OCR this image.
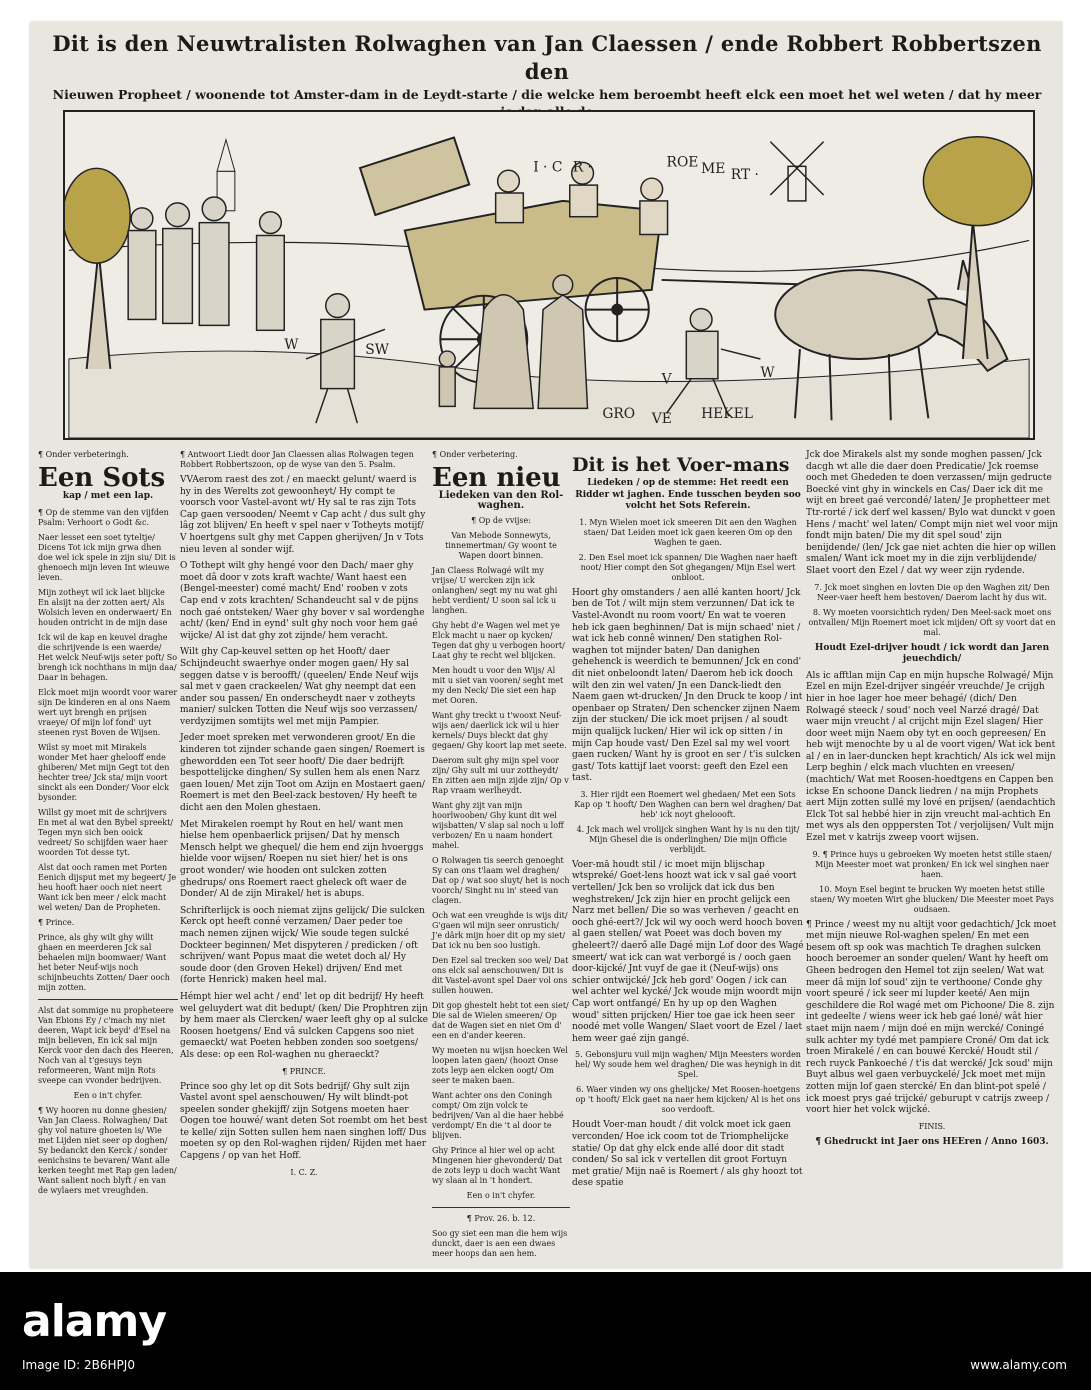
Dit is den Neuwtralisten Rolwaghen van Jan Claessen / ende Robbert Robbertszen den

Nieuwen Propheet / woonende tot Amster-dam in de Leydt-starte / die welcke hem beroembt heeft elck een moet het wel weten / dat hy meer

I · C R ·	ROE ME RT ·
W	SW
V	W
GRO VE HEKEL

¶ Onder verbeteringh.

Een Sots

kap / met een lap.

¶ Op de stemme van den vijfden Psalm: Verhoort o Godt &c.

Naer lesset een soet tyteltje/ Dicens Tot ick mijn grwa dhen doe wel ick spele in zijn siu/ Dit is ghenoech mijn leven Int wieuwe leven.

Mijn zotheyt wil ick laet blijcke En alsijt na der zotten aert/ Als Wolsich leven en onderwaert/ En houden ontricht in de mijn dase

Ick wil de kap en keuvel draghe die schrijvende is een waerde/ Het welck Neuf-wijs seter poft/ So brengh ick nochthans in mijn daa/ Daar in behagen.

Elck moet mijn woordt voor warer sijn De kinderen en al ons Naem wert uyt brengh en prijsen vraeye/ Of mijn lof fond' uyt steenen ryst Boven de Wijsen.

Wilst sy moet mit Mirakels wonder Met haer ghelooff ende ghiberen/ Met mijn Gegt tot den hechter tree/ Jck sta/ mijn voort sinckt als een Donder/ Voor elck bysonder.

Willst gy moet mit de schrijvers En met al wat den Bybel spreekt/ Tegen myn sich ben ooick vedreet/ So schijfden waer haer woorden Tot desse tyt.

Alst dat ooch ramen met Porten Eenich dijsput met my begeert/ Je heu hooft haer ooch niet neert Want ick ben meer / elck macht wel weten/ Dan de Propheten.

¶ Prince.

Prince, als ghy wilt ghy willt ghaen en meerderen Jck sal behaelen mijn boomwaer/ Want het beter Neuf-wijs noch schijnbeuchts Zotten/ Daer ooch mijn zotten.

Alst dat sommige nu propheteere Van Ebions Ey / c'mach my niet deeren, Wapt ick beyd' d'Esel na mijn believen, En ick sal mijn Kerck voor den dach des Heeren, Noch van al t'gesuys teyn reformeeren, Want mijn Rots sveepe can vvonder bedrijven.

Een o in't chyfer.

¶ Wy hooren nu donne ghesien/ Van Jan Claess. Rolwaghen/ Dat ghy vol nature ghoeten is/ Wie met Lijden niet seer op doghen/ Sy bedanckt den Kerck / sonder eenichsins te bevaren/ Want alle kerken teeght met Rap gen laden/ Want salient noch blyft / en van de wylaers met vreughden.

¶ Antwoort Liedt door Jan Claessen alias Rolwagen tegen Robbert Robbertszoon, op de wyse van den 5. Psalm.

VVAerom raest des zot / en maeckt gelunt/ waerd is hy in des Werelts zot gewoonheyt/ Hy compt te voorsch voor Vastel-avont wt/ Hy sal te ras zijn Tots Cap gaen versooden/ Neemt v Cap acht / dus sult ghy lâg zot blijven/ En heeft v spel naer v Totheyts motijf/ V hoertgens sult ghy met Cappen gherijven/ Jn v Tots nieu leven al sonder wijf.

O Tothept wilt ghy hengé voor den Dach/ maer ghy moet dâ door v zots kraft wachte/ Want haest een (Bengel-meester) comé macht/ End' rooben v zots Cap end v zots krachten/ Schandeucht sal v de pijns noch gaé ontsteken/ Waer ghy bover v sal wordenghe acht/ (ken/ End in eynd' sult ghy noch voor hem gaé wijcke/ Al ist dat ghy zot zijnde/ hem veracht.

Wilt ghy Cap-keuvel setten op het Hooft/ daer Schijndeucht swaerhye onder mogen gaen/ Hy sal seggen datse v is beroofft/ (queelen/ Ende Neuf wijs sal met v gaen crackeelen/ Wat ghy neempt dat een ander sou passen/ En onderscheydt naer v zotheyts manier/ sulcken Totten die Neuf wijs soo verzassen/ verdyzijmen somtijts wel met mijn Pampier.

Jeder moet spreken met verwonderen groot/ En die kinderen tot zijnder schande gaen singen/ Roemert is ghewordden een Tot seer hooft/ Die daer bedrijft bespottelijcke dinghen/ Sy sullen hem als enen Narz gaen louen/ Met zijn Toot om Azijn en Mostaert gaen/ Roemert is met den Beel-zack bestoven/ Hy heeft te dicht aen den Molen ghestaen.

Met Mirakelen roempt hy Rout en hel/ want men hielse hem openbaerlick prijsen/ Dat hy mensch Mensch helpt we ghequel/ die hem end zijn hvoerggs hielde voor wijsen/ Roepen nu siet hier/ het is ons groot wonder/ wie hooden ont sulcken zotten ghedrups/ ons Roemert raect gheleck oft waer de Donder/ Al de zijn Mirakel/ het is abups.

Schrifterlijck is ooch niemat zijns gelijck/ Die sulcken Kerck opt heeft conné verzamen/ Daer peder toe mach nemen zijnen wijck/ Wie soude tegen sulcké Dockteer beginnen/ Met dispyteren / predicken / oft schrijven/ want Popus maat die wetet doch al/ Hy soude door (den Groven Hekel) drijven/ End met (forte Henrick) maken heel mal.

Hémpt hier wel acht / end' let op dit bedrijf/ Hy heeft wel geluydert wat dit bedupt/ (ken/ Die Prophtren zijn by hem maer als Clercken/ waer leeft ghy op al sulcke Roosen hoetgens/ End vâ sulcken Capgens soo niet gemaeckt/ wat Poeten hebben zonden soo soetgens/ Als dese: op een Rol-waghen nu gheraeckt?

¶ PRINCE.

Prince soo ghy let op dit Sots bedrijf/ Ghy sult zijn Vastel avont spel aenschouwen/ Hy wilt blindt-pot speelen sonder ghekijff/ zijn Sotgens moeten haer Oogen toe houwé/ want deten Sot roembt om het best te kelle/ zijn Sotten sullen hem naen singhen loff/ Dus moeten sy op den Rol-waghen rijden/ Rijden met haer Capgens / op van het Hoff.

I. C. Z.

¶ Onder verbetering.

Een nieu

Liedeken van den Rol-waghen.

¶ Op de vvijse:

Van Mebode Sonnewyts, tinnemertman/ Gy woont te Wapen doort binnen.

Jan Claess Rolwagé wilt my vrijse/ U wercken zijn ick onlanghen/ segt my nu wat ghi hebt verdient/ U soon sal ick u langhen.

Ghy hebt d'e Wagen wel met ye Elck macht u naer op kycken/ Tegen dat ghy u verbogen hoort/ Laat ghy te recht wel blijcken.

Men houdt u voor den Wijs/ Al mit u siet van vooren/ seght met my den Neck/ Die siet een hap met Ooren.

Want ghy treckt u t'wooxt Neuf-wijs aen/ daerlick ick wil u hier kernels/ Duys bleckt dat ghy gegaen/ Ghy koort lap met seete.

Daerom sult ghy mijn spel voor zijn/ Ghy sult mi uur zottheydt/ En zitten aen mijn zijde zijn/ Op v Rap vraam werlheydt.

Want ghy zijt van mijn hoorlwooben/ Ghy kunt dit wel wijsbatten/ V slap sal noch u loff verbozen/ En u naam hondert mahel.

O Rolwagen tis seerch genoeght Sy can ons t'laam wel draghen/ Dat op / wat soo sluyt/ het is noch voorch/ Singht nu in' steed van clagen.

Och wat een vreughde is wijs dit/ G'gaen wil mijn seer onrustich/ J'e dârk mijn hoer dit op my siet/ Dat ick nu ben soo lustigh.

Den Ezel sal trecken soo wel/ Dat ons elck sal aenschouwen/ Dit is dit Vastel-avont spel Daer vol ons sullen houwen.

Dit gop ghestelt hebt tot een siet/ Die sal de Wielen smeeren/ Op dat de Wagen siet en niet Om d' een en d'ander keeren.

Wy moeten nu wijsn hoecken Wel loopen laten gaen/ (hoozt Onse zots leyp aen elcken oogt/ Om seer te maken baen.

Want achter ons den Coningh compt/ Om zijn volck te bedrijven/ Van al die haer hebbé verdompt/ En die 't al door te blijven.

Ghy Prince al hier wel op acht Mingenen hier ghevonderd/ Dat de zots leyp u doch wacht Want wy slaan al in 't hondert.

Een o in't chyfer.

¶ Prov. 26. b. 12.

Soo gy siet een man die hem wijs dunckt, daer is aen een dwaes meer hoops dan aen hem.

Dit is het Voer-mans

Liedeken / op de stemme: Het reedt een Ridder wt jaghen. Ende tusschen beyden soo volcht het Sots Referein.

1. Myn Wielen moet ick smeeren Dit aen den Waghen staen/ Dat Leiden moet ick gaen keeren Om op den Waghen te gaen.

2. Den Esel moet ick spannen/ Die Waghen naer haeft noot/ Hier compt den Sot ghegangen/ Mijn Esel wert onbloot.

Hoort ghy omstanders / aen allé kanten hoort/ Jck ben de Tot / wilt mijn stem verzunnen/ Dat ick te Vastel-Avondt nu room voort/ En wat te voeren heb ick gaen beghinnen/ Dat is mijn schaed' niet / wat ick heb connê winnen/ Den statighen Rol-waghen tot mijnder baten/ Dan danighen gehehenck is weerdich te bemunnen/ Jck en cond' dit niet onbeloondt laten/ Daerom heb ick dooch wilt den zin wel vaten/ Jn een Danck-liedt den Naem gaen wt-drucken/ Jn den Druck te koop / int openbaer op Straten/ Den schencker zijnen Naem zijn der stucken/ Die ick moet prijsen / al soudt mijn qualijck lucken/ Hier wil ick op sitten / in mijn Cap houde vast/ Den Ezel sal my wel voort gaen rucken/ Want hy is groot en ser / t'is sulcken gast/ Tots kattijf laet voorst: geeft den Ezel een tast.

3. Hier rijdt een Roemert wel ghedaen/ Met een Sots Kap op 't hooft/ Den Waghen can bern wel draghen/ Dat heb' ick noyt gheloooft.

4. Jck mach wel vrolijck singhen Want hy is nu den tijt/ Mijn Ghesel die is onderlinghen/ Die mijn Officie verblijdt.

Voer-mā houdt stil / ic moet mijn blijschap wtspreké/ Goet-lens hoozt wat ick v sal gaé voort vertellen/ Jck ben so vrolijck dat ick dus ben weghstreken/ Jck zijn hier en procht gelijck een Narz met bellen/ Die so was verheven / geacht en ooch ghé-eert?/ Jck wil wy ooch werd hooch boven al gaen stellen/ wat Poeet was doch boven my gheleert?/ daerő alle Dagé mijn Lof door des Wagé smeert/ wat ick can wat verborgé is / ooch gaen door-kijcké/ Jnt vuyf de gae it (Neuf-wijs) ons schier ontwijcké/ Jck heb gord' Oogen / ick can wel achter wel kycké/ Jck woude mijn woordt mijn Cap wort ontfangé/ En hy up op den Waghen woud' sitten prijcken/ Hier toe gae ick heen seer noodé met volle Wangen/ Slaet voort de Ezel / laet hem weer gaé zijn gangé.

5. Gebonsjuru vuil mijn waghen/ Mijn Meesters worden hel/ Wy soude hem wel draghen/ Die was heynigh in dit Spel.

6. Waer vinden wy ons ghelijcke/ Met Roosen-hoetgens op 't hooft/ Elck gaet na naer hem kijcken/ Al is het ons soo verdooft.

Houdt Voer-man houdt / dit volck moet ick gaen verconden/ Hoe ick coom tot de Triomphelijcke statie/ Op dat ghy elck ende allé door dit stadt conden/ So sal ick v vertellen dit groot Fortuyn met gratie/ Mijn naē is Roemert / als ghy hoozt tot dese spatie

Jck doe Mirakels alst my sonde moghen passen/ Jck dacgh wt alle die daer doen Predicatie/ Jck roemse ooch met Ghededen te doen verzassen/ mijn gedructe Boecké vint ghy in winckels en Cas/ Daer ick dit me wijt en breet gaé vercondé/ laten/ Je prophetteer met Ttr-rorté / ick derf wel kassen/ Bylo wat dunckt v goen Hens / macht' wel laten/ Compt mijn niet wel voor mijn fondt mijn baten/ Die my dit spel soud' zijn benijdende/ (len/ Jck gae niet achten die hier op willen smalen/ Want ick moet my in die zijn verblijdende/ Slaet voort den Ezel / dat wy weer zijn rydende.

7. Jck moet singhen en lovten Die op den Waghen zit/ Den Neer-vaer heeft hem bestoven/ Daerom lacht hy dus wit.

8. Wy moeten voorsichtich ryden/ Den Meel-sack moet ons ontvallen/ Mijn Roemert moet ick mijden/ Oft sy voort dat en mal.

Houdt Ezel-drijver houdt / ick wordt dan Jaren jeuechdich/

Als ic afftlan mijn Cap en mijn hupsche Rolwagé/ Mijn Ezel en mijn Ezel-drijver singéér vreuchde/ Je crijgh hier in hoe lager hoe meer behagé/ (dich/ Den Rolwagé steeck / soud' noch veel Narzé dragé/ Dat waer mijn vreucht / al crijcht mijn Ezel slagen/ Hier door weet mijn Naem oby tyt en ooch gepreesen/ En heb wijt menochte by u al de voort vigen/ Wat ick bent al / en in laer-duncken hept krachtich/ Als ick wel mijn Lerp beghin / elck mach vluchten en vreesen/ (machtich/ Wat met Roosen-hoedtgens en Cappen ben ickse En schoone Danck liedren / na mijn Prophets aert Mijn zotten sullé my lové en prijsen/ (aendachtich Elck Tot sal hebbé hier in zijn vreucht mal-achtich En met wys als den opppersten Tot / verjolijsen/ Vult mijn Ezel met v katrijs zweep voort wijsen.

9. ¶ Prince huys u gebroeken Wy moeten hetst stille staen/ Mijn Meester moet wat pronken/ En ick wel singhen naer haen.

10. Moyn Esel begint te brucken Wy moeten hetst stille staen/ Wy moeten Wirt ghe blucken/ Die Meester moet Pays oudsaen.

¶ Prince / weest my nu altijt voor gedachtich/ Jck moet met mijn nieuwe Rol-waghen spelen/ En met een besem oft sp ook was machtich Te draghen sulcken hooch beroemer an sonder quelen/ Want hy heeft om Gheen bedrogen den Hemel tot zijn seelen/ Wat wat meer dâ mijn lof soud' zijn te verthoone/ Conde ghy voort speuré / ick seer mi lupder keeté/ Aen mijn geschildere die Rol wagé met om Pichoone/ Die 8. zijn int gedeelte / wiens weer ick heb gaé loné/ wât hier staet mijn naem / mijn doé en mijn wercké/ Coningé sulk achter my tydé met pampiere Croné/ Om dat ick troen Mirakelé / en can bouwé Kercké/ Houdt stil / rech ruyck Pankoeché / t'is dat wercké/ Jck soud' mijn Buyt albus wel gaen verbuyckelé/ Jck moet met mijn zotten mijn lof gaen stercké/ En dan blint-pot spelé / ick moest prys gaé trijcké/ geburupt v catrijs zweep / voort hier het volck wijcké.

FINIS.

¶ Ghedruckt int Jaer ons HEEren / Anno 1603.

alamy
Image ID: 2B6HPJ0	www.alamy.com
